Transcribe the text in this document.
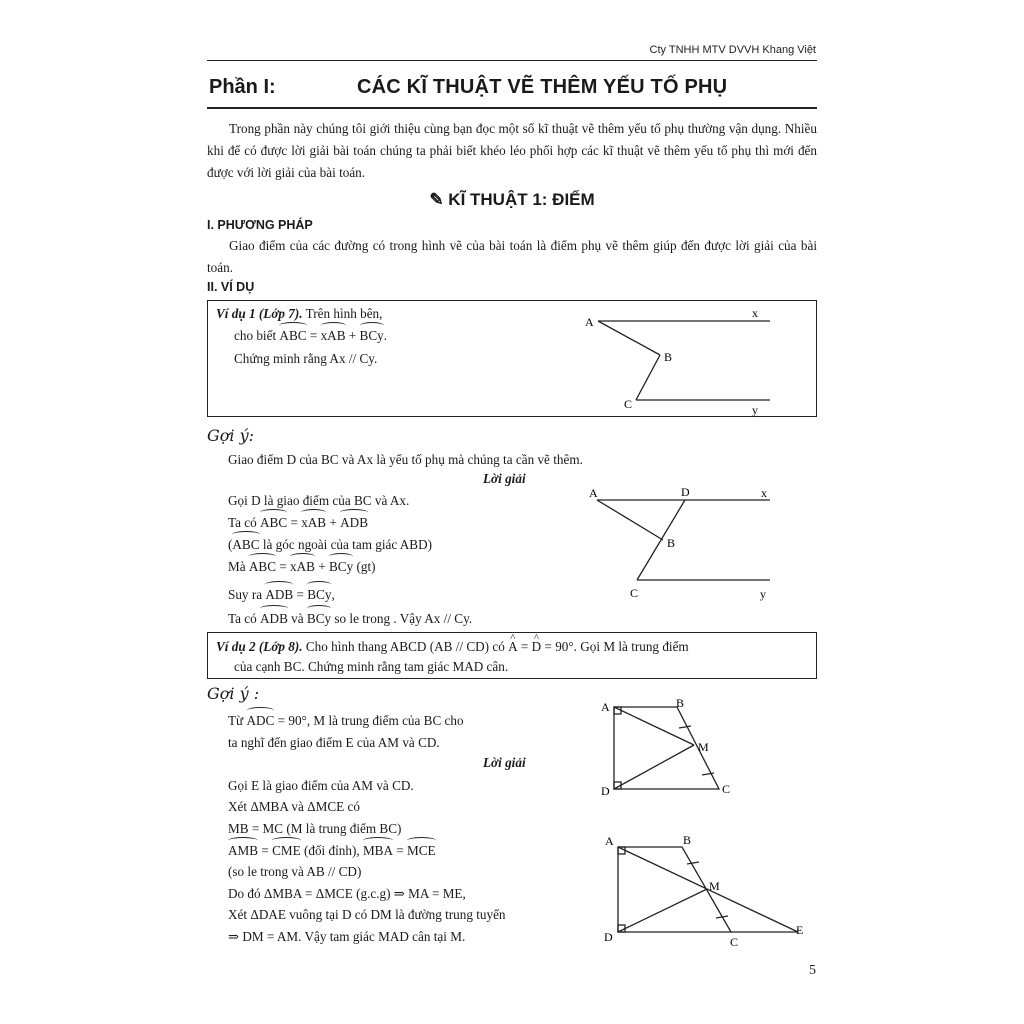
Cty TNHH MTV DVVH Khang Việt
Phần I:	CÁC KĨ THUẬT VẼ THÊM YẾU TỐ PHỤ

Trong phần này chúng tôi giới thiệu cùng bạn đọc một số kĩ thuật vẽ thêm yếu tố phụ thường vận dụng. Nhiều khi để có được lời giải bài toán chúng ta phải biết khéo léo phối hợp các kĩ thuật vẽ thêm yếu tố phụ thì mới đến được với lời giải của bài toán.

✎ KĨ THUẬT 1: ĐIỂM
I. PHƯƠNG PHÁP

Giao điểm của các đường có trong hình vẽ của bài toán là điểm phụ vẽ thêm giúp đến được lời giải của bài toán.

II. VÍ DỤ
Ví dụ 1 (Lớp 7). Trên hình bên,
cho biết ABC = xAB + BCy.
Chứng minh rằng Ax // Cy.
A
x
B
C	y
Gợi ý:
Giao điểm D của BC và Ax là yếu tố phụ mà chúng ta cần vẽ thêm.
Lời giải
Gọi D là giao điểm của BC và Ax.
Ta có ABC = xAB + ADB
(ABC là góc ngoài của tam giác ABD)
Mà ABC = xAB + BCy (gt)
Suy ra ADB = BCy,
Ta có ADB và BCy so le trong . Vậy Ax // Cy.
A	D	x
B
C	y
Ví dụ 2 (Lớp 8). Cho hình thang ABCD (AB // CD) có ^ A = ^ D = 90°. Gọi M là trung điểm
của cạnh BC. Chứng minh rằng tam giác MAD cân.
Gợi ý :
Từ ADC = 90°, M là trung điểm của BC cho
ta nghĩ đến giao điểm E của AM và CD.
Lời giải
Gọi E là giao điểm của AM và CD.
Xét ΔMBA và ΔMCE có
MB = MC (M là trung điểm BC)
AMB = CME (đối đỉnh), MBA = MCE
(so le trong và AB // CD)
Do đó ΔMBA = ΔMCE (g.c.g) ⇒ MA = ME,
Xét ΔDAE vuông tại D có DM là đường trung tuyến
⇒ DM = AM. Vậy tam giác MAD cân tại M.
A	B
M
D	C
A	B
M
D	C
E
5
